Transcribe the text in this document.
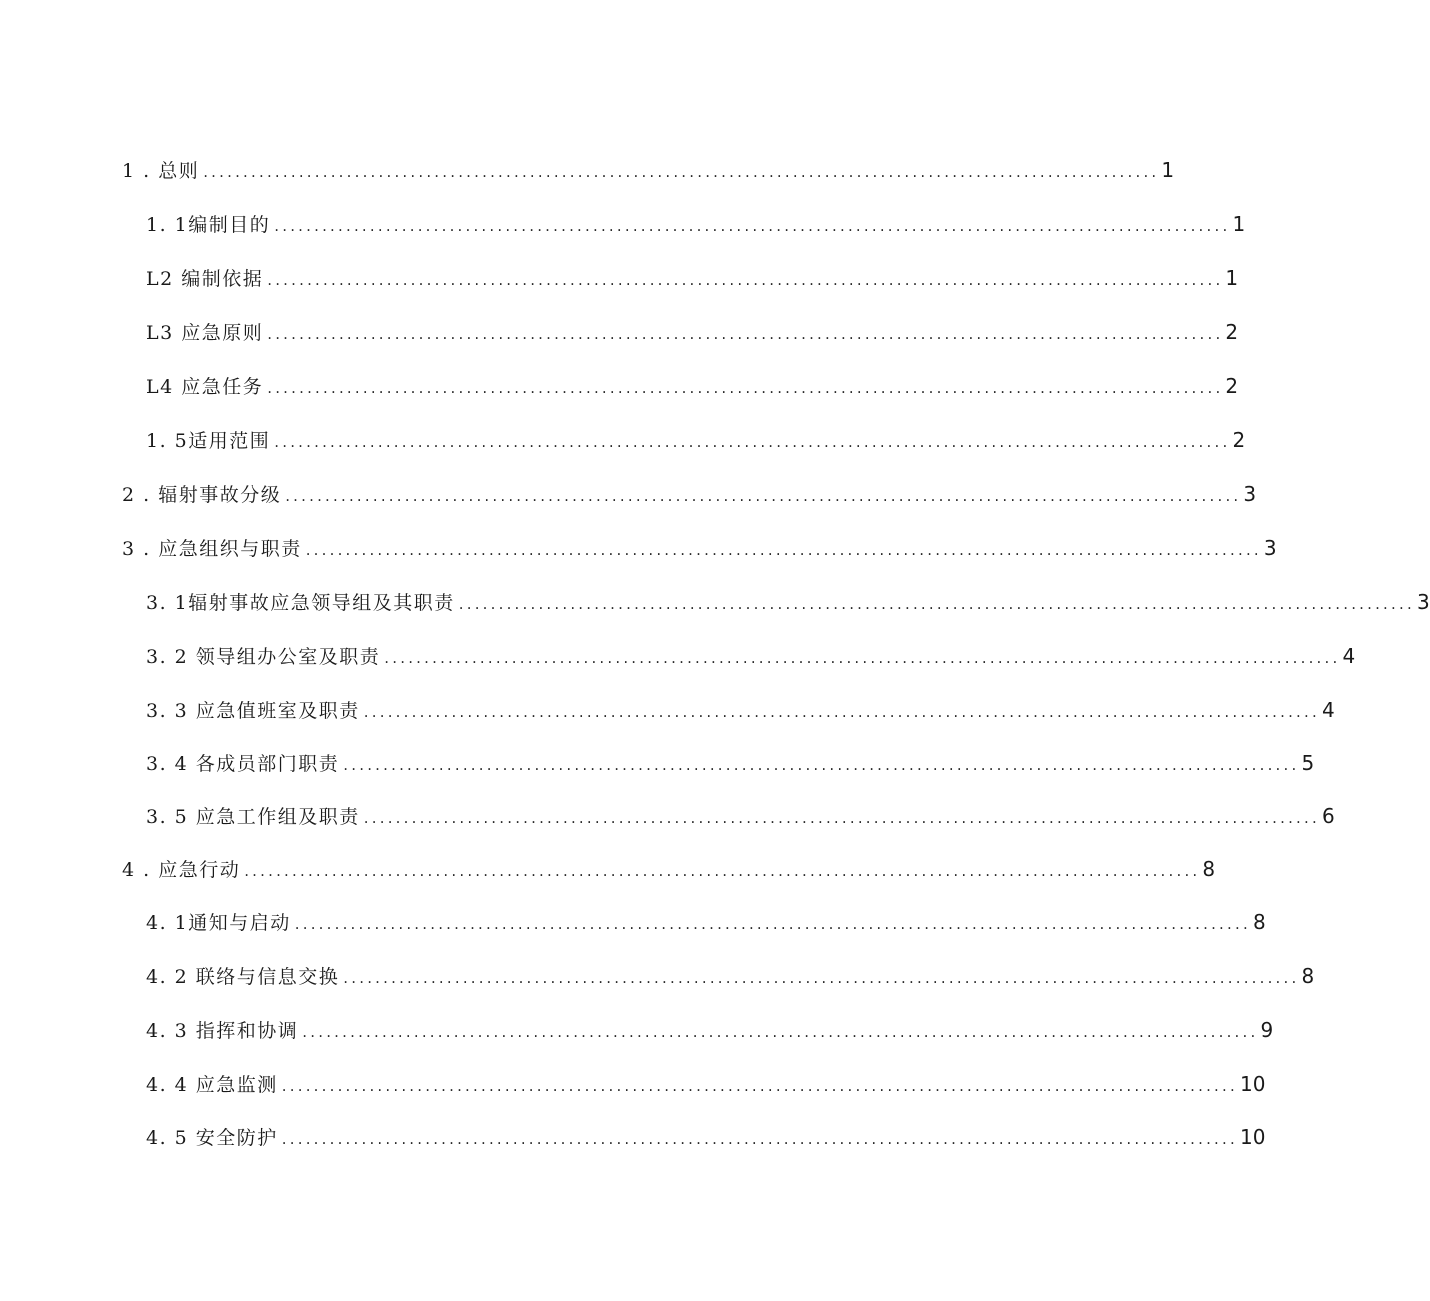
1 . 总则 ........................................................................................................................ 1
1. 1编制目的 ........................................................................................................................ 1
L2 编制依据 ........................................................................................................................ 1
L3 应急原则 ........................................................................................................................ 2
L4 应急任务 ........................................................................................................................ 2
1. 5适用范围 ........................................................................................................................ 2
2 . 辐射事故分级 ........................................................................................................................ 3
3 . 应急组织与职责 ........................................................................................................................ 3
3. 1辐射事故应急领导组及其职责 ........................................................................................................................ 3
3. 2 领导组办公室及职责 ........................................................................................................................ 4
3. 3 应急值班室及职责 ........................................................................................................................ 4
3. 4 各成员部门职责 ........................................................................................................................ 5
3. 5 应急工作组及职责 ........................................................................................................................ 6
4 . 应急行动 ........................................................................................................................ 8
4. 1通知与启动 ........................................................................................................................ 8
4. 2 联络与信息交换 ........................................................................................................................ 8
4. 3 指挥和协调 ........................................................................................................................ 9
4. 4 应急监测 ........................................................................................................................ 10
4. 5 安全防护 ........................................................................................................................ 10
